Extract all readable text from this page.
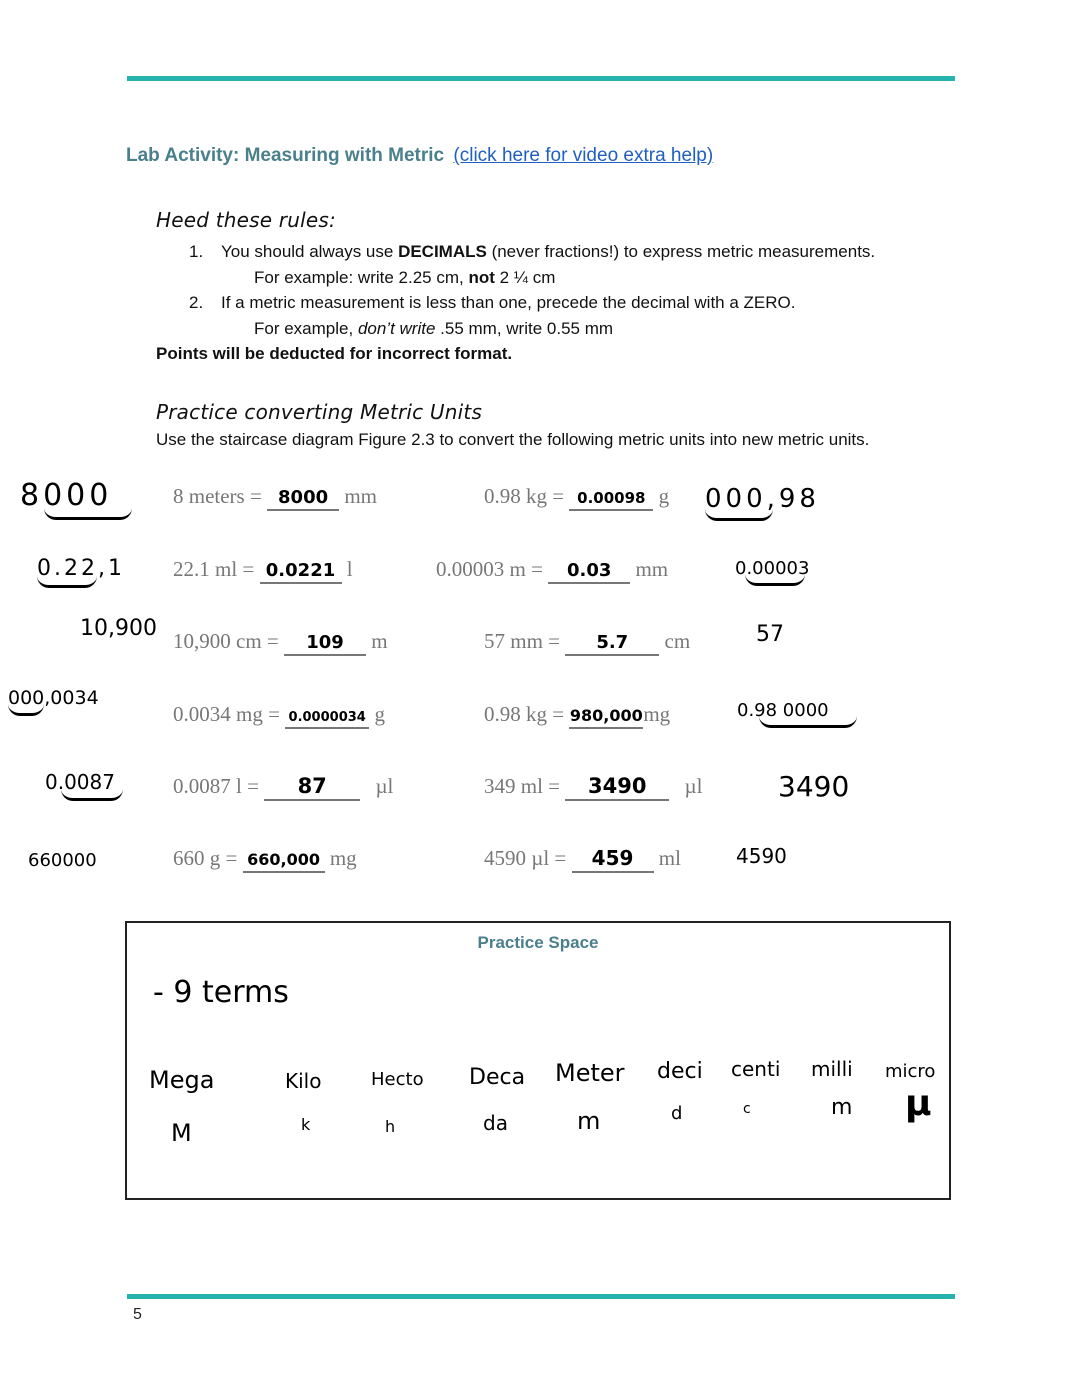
Lab Activity: Measuring with Metric (click here for video extra help)
Heed these rules:
1. You should always use DECIMALS (never fractions!) to express metric measurements.
For example: write 2.25 cm, not 2 ¼ cm
2. If a metric measurement is less than one, precede the decimal with a ZERO.
For example, don’t write .55 mm, write 0.55 mm
Points will be deducted for incorrect format.
Practice converting Metric Units
Use the staircase diagram Figure 2.3 to convert the following metric units into new metric units.
8 meters = 8000 mm	0.98 kg = 0.00098 g
22.1 ml = 0.0221 l	0.00003 m = 0.03 mm
10,900 cm = 109 m	57 mm = 5.7 cm
0.0034 mg = 0.0000034 g	0.98 kg = 980,000mg
0.0087 l = 87 µl	349 ml = 3490 µl
660 g = 660,000 mg	4590 µl = 459 ml
8000	000,98
0.22,1	0.00003
10,900	57
000,0034
0.98 0000
0.0087	3490
660000	4590
Practice Space
- 9 terms
Mega	Kilo	Hecto Deca Meter deci centi milli micro
M	k	h	da	m	d	c	m µ
5
